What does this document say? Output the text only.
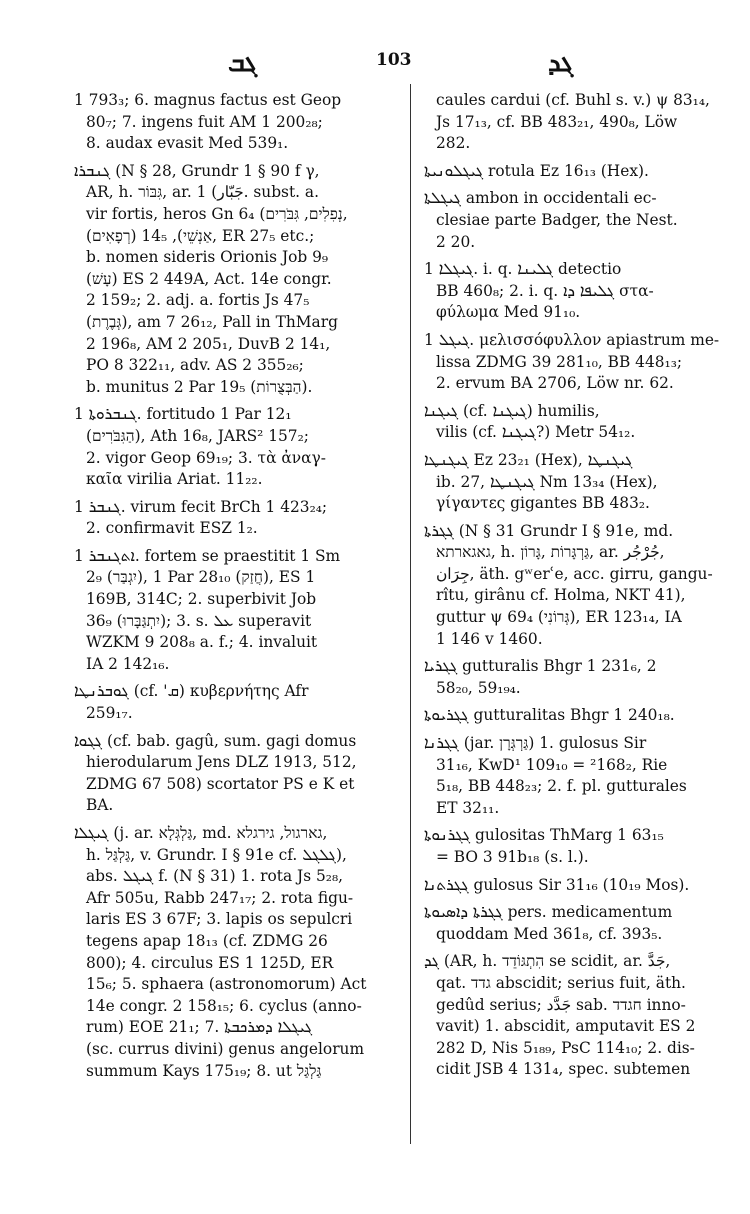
ܓܒ	103	ܓܕ
1 793₃; 6. magnus factus est Geop
80₇; 7. ingens fuit AM 1 200₂₈;
8. audax evasit Med 539₁.
ܓܢܒܪܐ (N § 28, Grundr 1 § 90 f γ,
AR, h. גִּבּוֹר, ar. جَبّار) 1. subst. a.
vir fortis, heros Gn 6₄ (נְפִלִים, גִּבֹּרִים,
אַנְשֵׁי), 14₅ (רְפָאִים), ER 27₅ etc.;
b. nomen sideris Orionis Job 9₉
(עָשׁ) ES 2 449A, Act. 14e congr.
2 159₂; 2. adj. a. fortis Js 47₅
(גְּבֶרֶת), am 7 26₁₂, Pall in ThMarg
2 196₈, AM 2 205₁, DuvB 2 14₁,
PO 8 322₁₁, adv. AS 2 355₂₆;
b. munitus 2 Par 19₅ (הַבְּצֻרוֹת).
ܓܢܒܪܘܬܐ 1. fortitudo 1 Par 12₁
(הַגִּבֹּרִים), Ath 16₈, JARS² 157₂;
2. vigor Geop 69₁₉; 3. τὰ ἀναγ-
καῖα virilia Ariat. 11₂₂.
ܓܢܒܪ 1. virum fecit BrCh 1 423₂₄;
2. confirmavit ESZ 1₂.
ܐܬܓܢܒܪ 1. fortem se praestitit 1 Sm
2₉ (יִגְבַּר), 1 Par 28₁₀ (חֲזַק), ES 1
169B, 314C; 2. superbivit Job
36₉ (יִתְגַּבָּרוּ); 3. s. ܥܠ superavit
WZKM 9 208₈ a. f.; 4. invaluit
IA 2 142₁₆.
ܓܘܒܪܢܛܐ (cf. 'ܩ) κυβερνήτης Afr
259₁₇.
ܓܓܘܐ (cf. bab. gagû, sum. gagi domus
hierodularum Jens DLZ 1913, 512,
ZDMG 67 508) scortator PS e K et
BA.
ܓܝܓܠܐ (j. ar. גַּלְגְּלָא, md. גארגול, גירגלא,
h. גַּלְגַּל, v. Grundr. I § 91e cf. ܓܠܓܠ),
abs. ܓܝܓܠ f. (N § 31) 1. rota Js 5₂₈,
Afr 505u, Rabb 247₁₇; 2. rota figu-
laris ES 3 67F; 3. lapis os sepulcri
tegens apap 18₁₃ (cf. ZDMG 26
800); 4. circulus ES 1 125D, ER
15₆; 5. sphaera (astronomorum) Act
14e congr. 2 158₁₅; 6. cyclus (anno-
rum) EOE 21₁; 7. ܓܝܓܠܐ ܕܡܪܟܒܬܐ
(sc. currus divini) genus angelorum
summum Kays 175₁₉; 8. ut גַּלְגַּל
caules cardui (cf. Buhl s. v.) ψ 83₁₄,
Js 17₁₃, cf. BB 483₂₁, 490₈, Löw
282.
ܓܝܓܠܘܢܝܬܐ rotula Ez 16₁₃ (Hex).
ܓܝܓܠܬܐ ambon in occidentali ec-
clesiae parte Badger, the Nest.
2 20.
ܓܝܓܠܐ 1. i. q. ܓܠܝܢܐ detectio
BB 460₈; 2. i. q. ܓܠܝܦܐ ܕܐ στα-
φύλωμα Med 91₁₀.
ܓܝܓܠ 1. μελισσόφυλλον apiastrum me-
lissa ZDMG 39 281₁₀, BB 448₁₃;
2. ervum BA 2706, Löw nr. 62.
ܓܝܓܢܐ (cf. ܓܝܓܢܐ) humilis,
vilis (cf. ܓܝܓܢܐ?) Metr 54₁₂.
ܓܝܓܢܛܐ Ez 23₂₁ (Hex), ܓܝܓܢܛܐ
ib. 27, ܓܝܓܢܛܐ Nm 13₃₄ (Hex),
γίγαντες gigantes BB 483₂.
ܓܓܪܬܐ (N § 31 Grundr I § 91e, md.
גאגארתא, h. גַּרְגָּרוֹת ,גָּרוֹן, ar. جُرْجُر,
جِرَان, äth. gʷerʿe, acc. girru, gangu-
rîtu, girânu cf. Holma, NKT 41),
guttur ψ 69₄ (גְּרוֹנִי), ER 123₁₄, IA
1 146 v 1460.
ܓܓܪܝܐ gutturalis Bhgr 1 231₆, 2
58₂₀, 59₁₉₄.
ܓܓܪܝܘܬܐ gutturalitas Bhgr 1 240₁₈.
ܓܓܪܢܐ (jar. גַּרְגְּרָן) 1. gulosus Sir
31₁₆, KwD¹ 109₁₀ = ²168₂, Rie
5₁₈, BB 448₂₃; 2. f. pl. gutturales
ET 32₁₁.
ܓܓܪܢܘܬܐ gulositas ThMarg 1 63₁₅
= BO 3 91b₁₈ (s. l.).
ܓܓܪܬܢܐ gulosus Sir 31₁₆ (10₁₉ Mos).
ܓܓܪܬܐ ܕܐܣܝܘܬܐ pers. medicamentum
quoddam Med 361₈, cf. 393₅.
ܓܕ (AR, h. הִתְגּוֹדֵד se scidit, ar. جَدَّ,
qat. גדד abscidit; serius fuit, äth.
gedûd serius; جَدَّد sab. חגדד inno-
vavit) 1. abscidit, amputavit ES 2
282 D, Nis 5₁₈₉, PsC 114₁₀; 2. dis-
cidit JSB 4 131₄, spec. subtemen
